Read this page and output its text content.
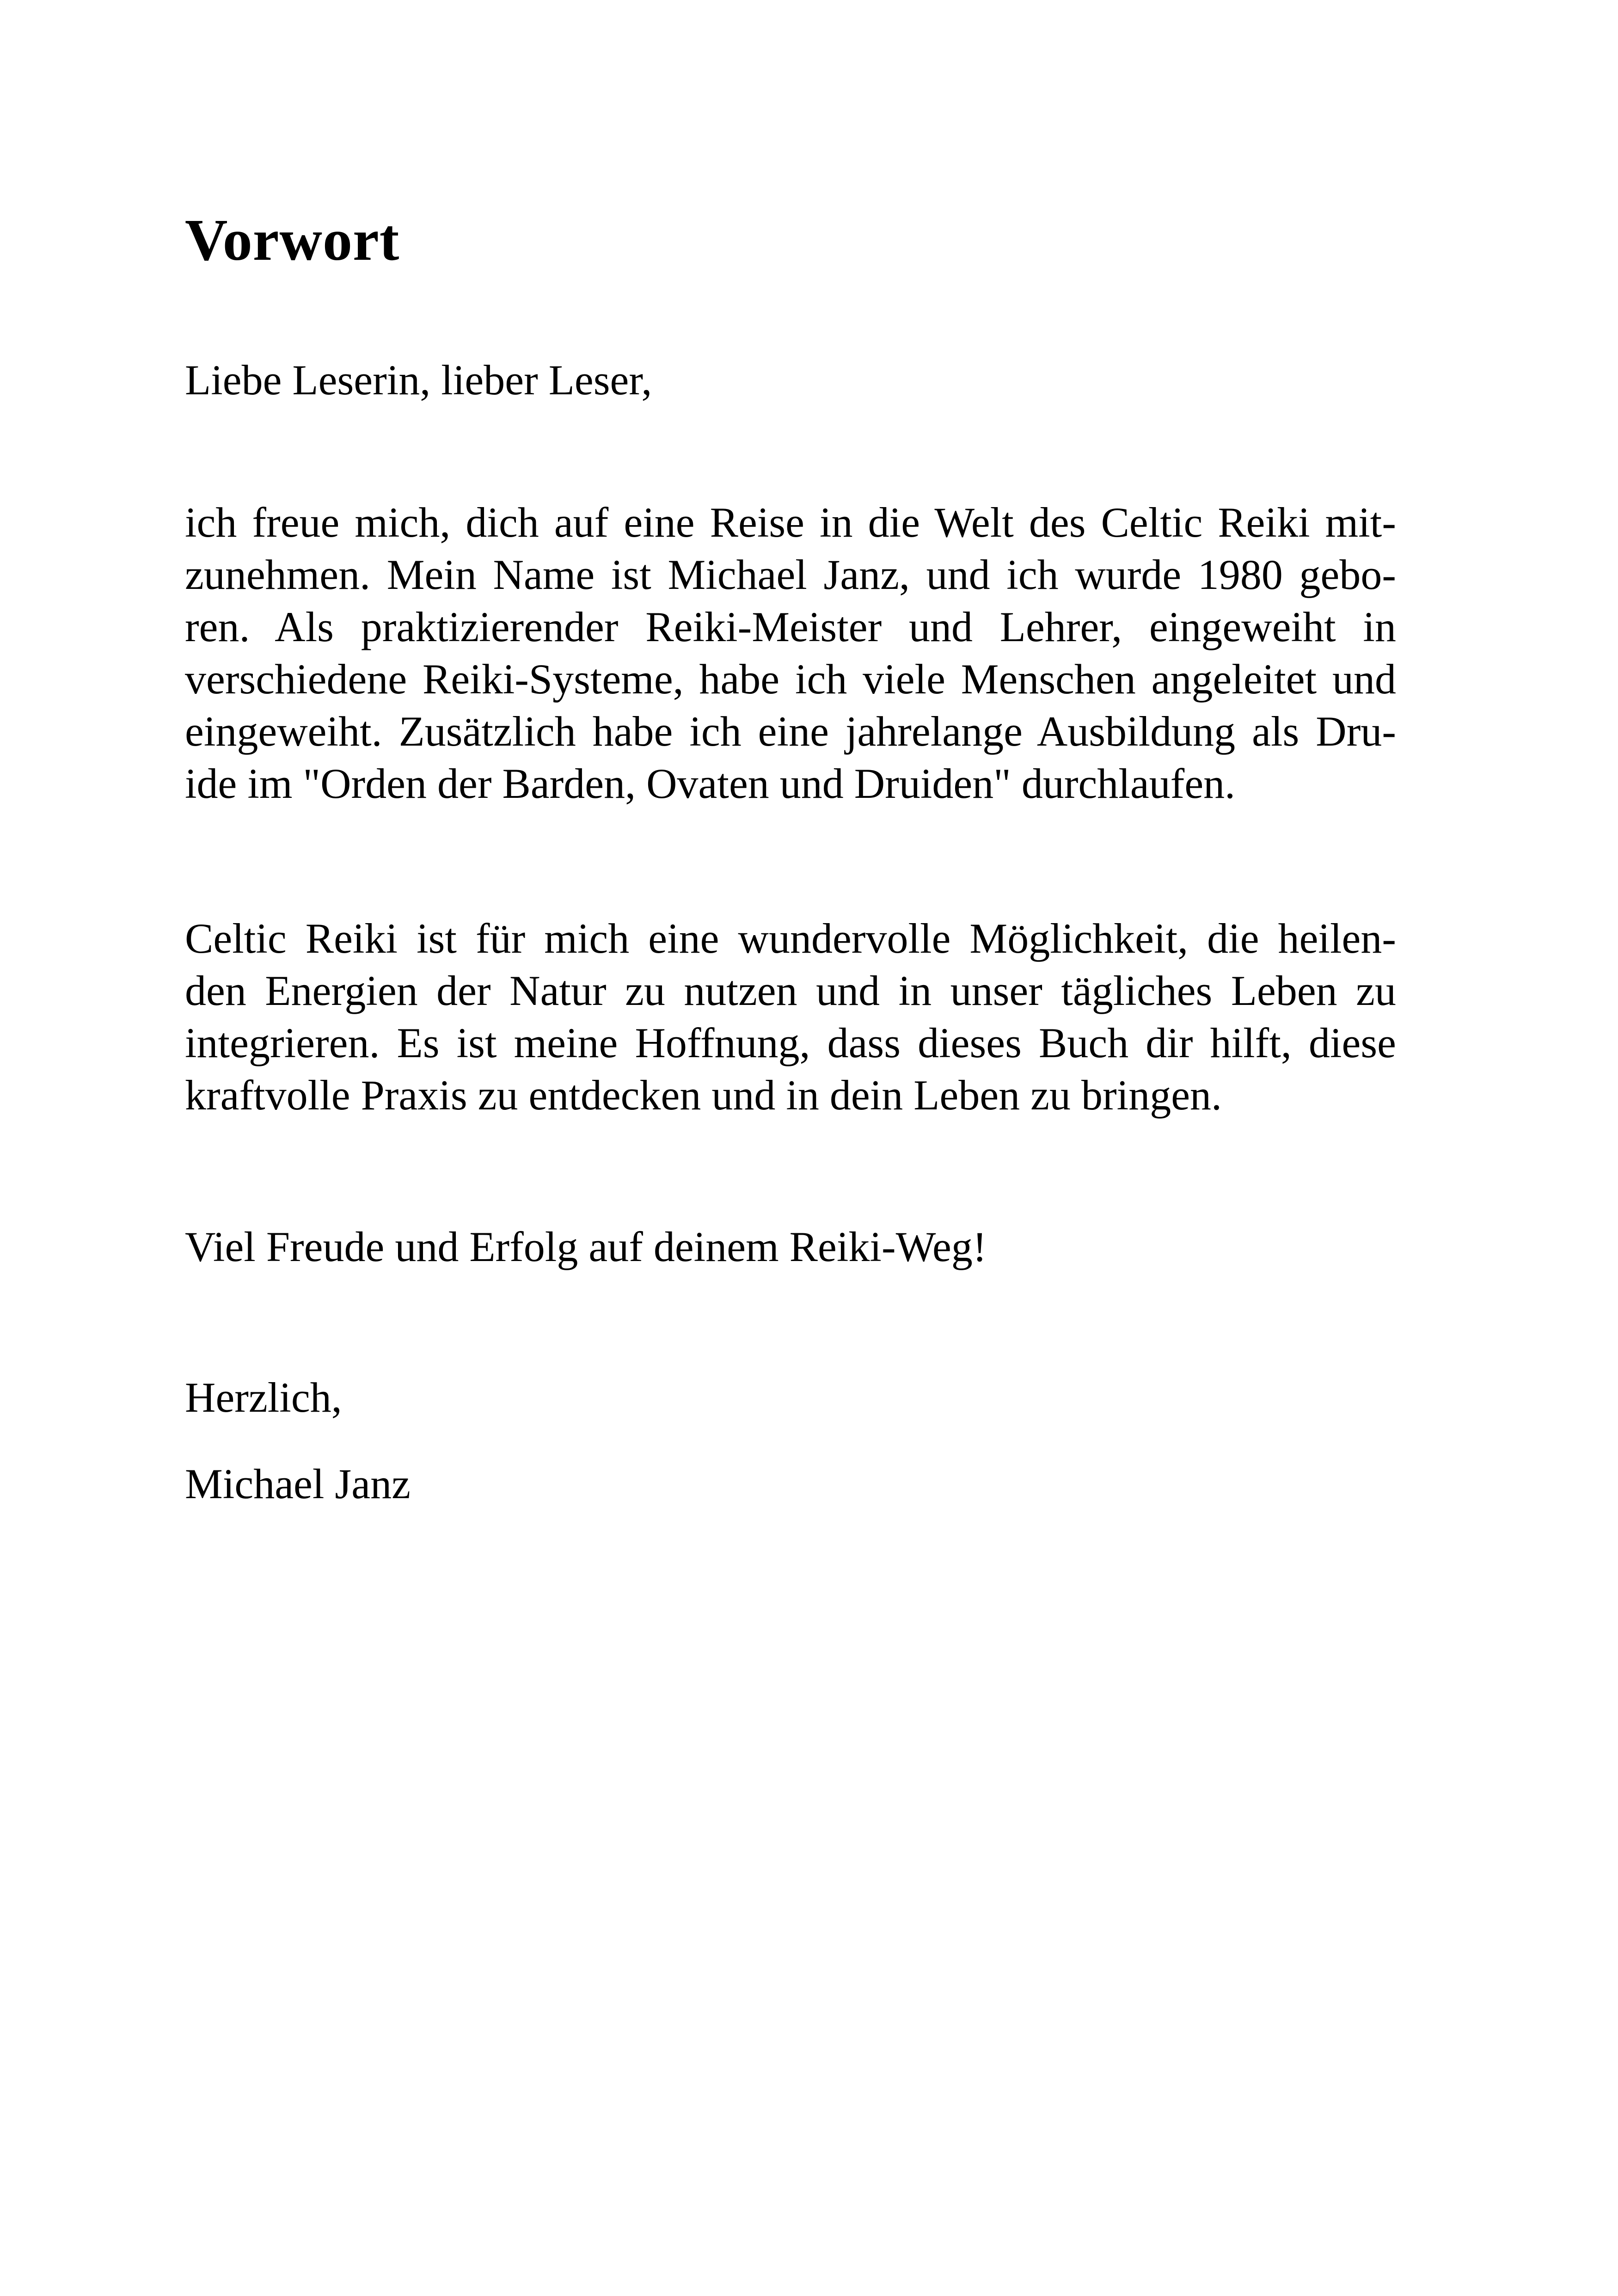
Vorwort
Liebe Leserin, lieber Leser,
ich freue mich, dich auf eine Reise in die Welt des Celtic Reiki mit-
zunehmen. Mein Name ist Michael Janz, und ich wurde 1980 gebo-
ren. Als praktizierender Reiki-Meister und Lehrer, eingeweiht in
verschiedene Reiki-Systeme, habe ich viele Menschen angeleitet und
eingeweiht. Zusätzlich habe ich eine jahrelange Ausbildung als Dru-
ide im "Orden der Barden, Ovaten und Druiden" durchlaufen.
Celtic Reiki ist für mich eine wundervolle Möglichkeit, die heilen-
den Energien der Natur zu nutzen und in unser tägliches Leben zu
integrieren. Es ist meine Hoffnung, dass dieses Buch dir hilft, diese
kraftvolle Praxis zu entdecken und in dein Leben zu bringen.
Viel Freude und Erfolg auf deinem Reiki-Weg!
Herzlich,
Michael Janz
